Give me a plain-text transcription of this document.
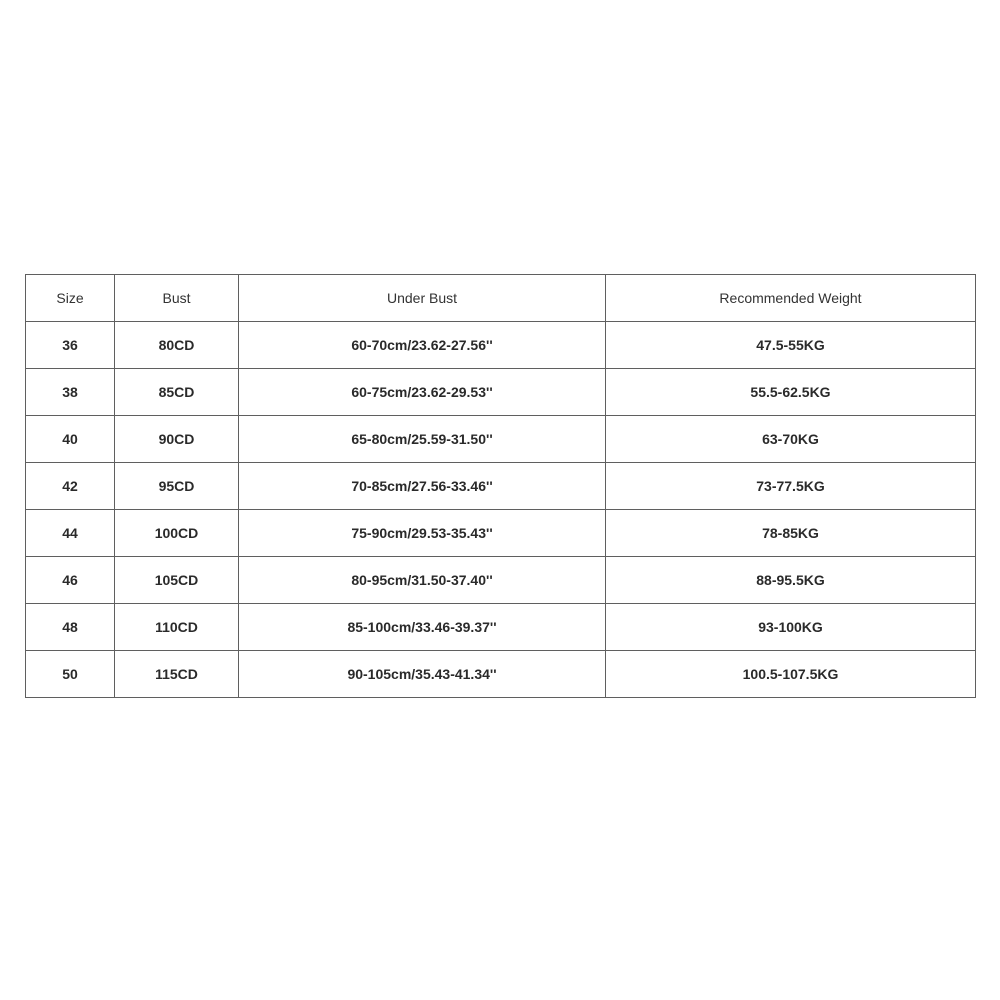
Size	Bust	Under Bust	Recommended Weight
36	80CD	60-70cm/23.62-27.56''	47.5-55KG
38	85CD	60-75cm/23.62-29.53''	55.5-62.5KG
40	90CD	65-80cm/25.59-31.50''	63-70KG
42	95CD	70-85cm/27.56-33.46''	73-77.5KG
44	100CD	75-90cm/29.53-35.43''	78-85KG
46	105CD	80-95cm/31.50-37.40''	88-95.5KG
48	110CD	85-100cm/33.46-39.37''	93-100KG
50	115CD	90-105cm/35.43-41.34''	100.5-107.5KG
